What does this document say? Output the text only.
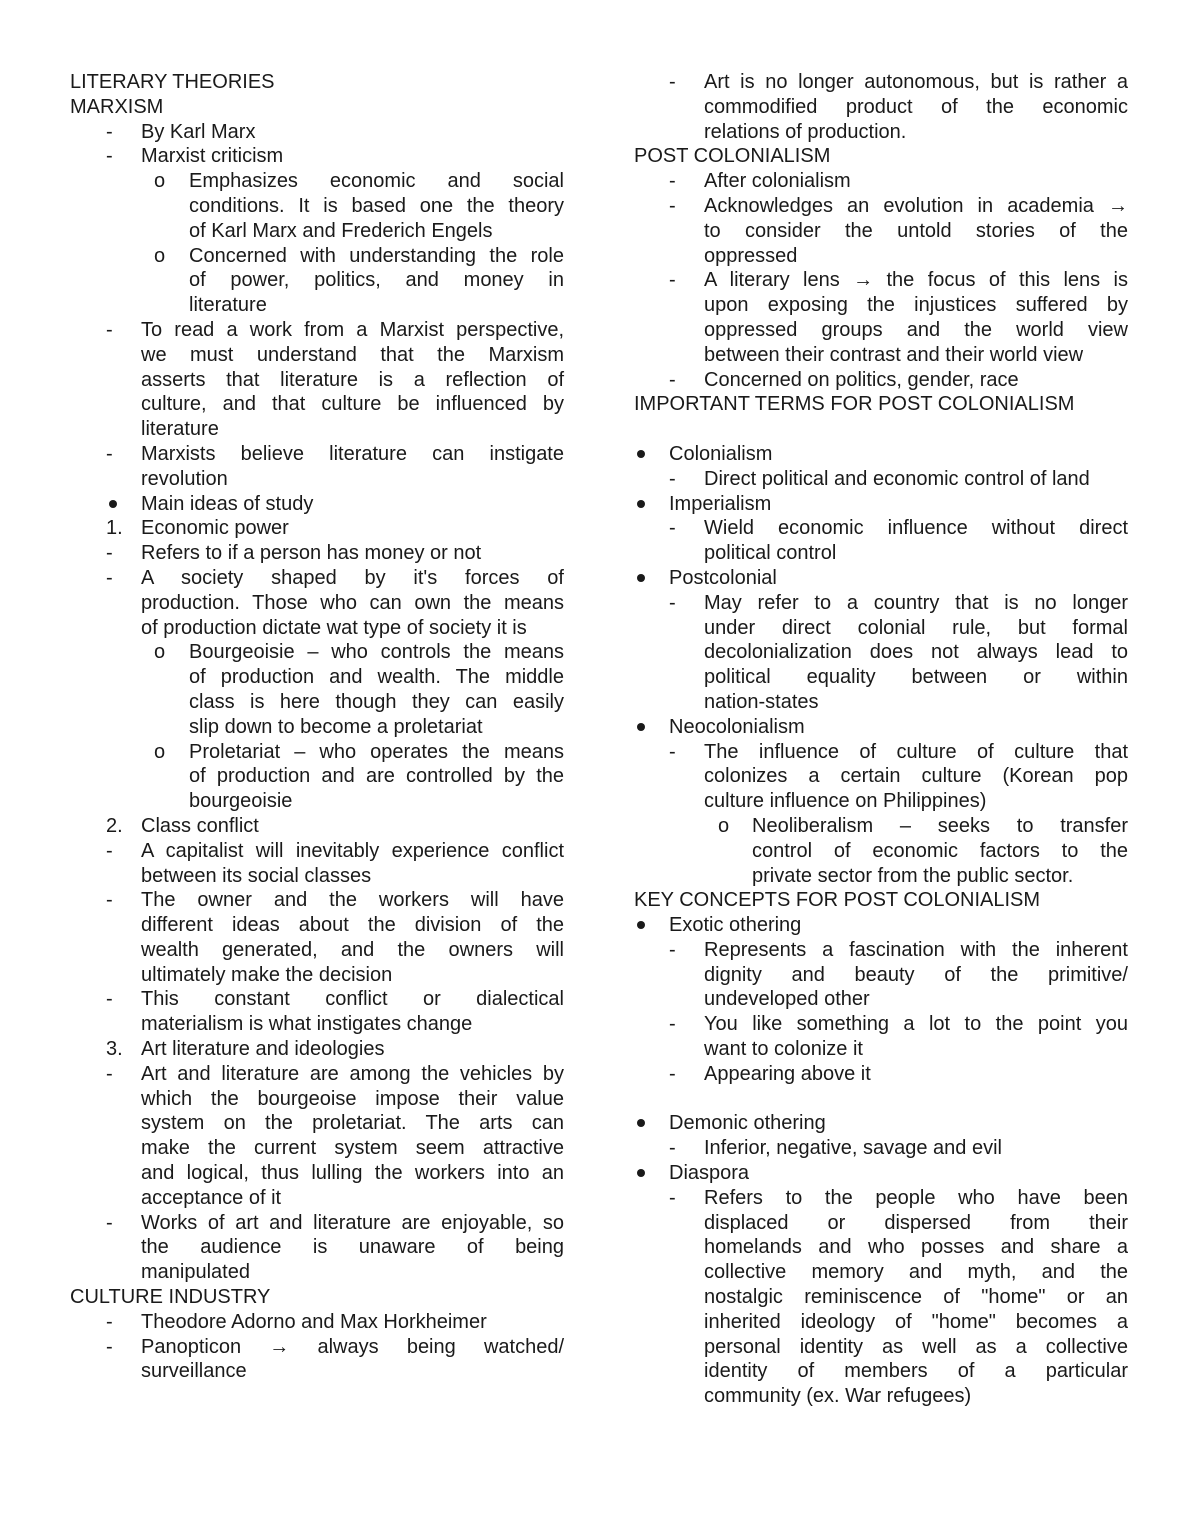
LITERARY THEORIES
MARXISM
By Karl Marx
-
Marxist criticism
-
Emphasizes economic and social
o
conditions. It is based one the theory
of Karl Marx and Frederich Engels
Concerned with understanding the role
o
of power, politics, and money in
literature
To read a work from a Marxist perspective,
-
we must understand that the Marxism
asserts that literature is a reflection of
culture, and that culture be influenced by
literature
Marxists believe literature can instigate
-
revolution
Main ideas of study
Economic power
1.
Refers to if a person has money or not
-
A society shaped by it's forces of
-
production. Those who can own the means
of production dictate wat type of society it is
Bourgeoisie – who controls the means
o
of production and wealth. The middle
class is here though they can easily
slip down to become a proletariat
Proletariat – who operates the means
o
of production and are controlled by the
bourgeoisie
Class conflict
2.
A capitalist will inevitably experience conflict
-
between its social classes
The owner and the workers will have
-
different ideas about the division of the
wealth generated, and the owners will
ultimately make the decision
This constant conflict or dialectical
-
materialism is what instigates change
Art literature and ideologies
3.
Art and literature are among the vehicles by
-
which the bourgeoise impose their value
system on the proletariat. The arts can
make the current system seem attractive
and logical, thus lulling the workers into an
acceptance of it
Works of art and literature are enjoyable, so
-
the audience is unaware of being
manipulated
CULTURE INDUSTRY
Theodore Adorno and Max Horkheimer
-
Panopticon → always being watched/
-
surveillance
Art is no longer autonomous, but is rather a
-
commodified product of the economic
relations of production.
POST COLONIALISM
After colonialism
-
Acknowledges an evolution in academia →
-
to consider the untold stories of the
oppressed
A literary lens → the focus of this lens is
-
upon exposing the injustices suffered by
oppressed groups and the world view
between their contrast and their world view
Concerned on politics, gender, race
-
IMPORTANT TERMS FOR POST COLONIALISM
Colonialism
Direct political and economic control of land
-
Imperialism
Wield economic influence without direct
-
political control
Postcolonial
May refer to a country that is no longer
-
under direct colonial rule, but formal
decolonialization does not always lead to
political equality between or within
nation-states
Neocolonialism
The influence of culture of culture that
-
colonizes a certain culture (Korean pop
culture influence on Philippines)
Neoliberalism – seeks to transfer
o
control of economic factors to the
private sector from the public sector.
KEY CONCEPTS FOR POST COLONIALISM
Exotic othering
Represents a fascination with the inherent
-
dignity and beauty of the primitive/
undeveloped other
You like something a lot to the point you
-
want to colonize it
Appearing above it
-
Demonic othering
Inferior, negative, savage and evil
-
Diaspora
Refers to the people who have been
-
displaced or dispersed from their
homelands and who posses and share a
collective memory and myth, and the
nostalgic reminiscence of "home" or an
inherited ideology of "home" becomes a
personal identity as well as a collective
identity of members of a particular
community (ex. War refugees)
